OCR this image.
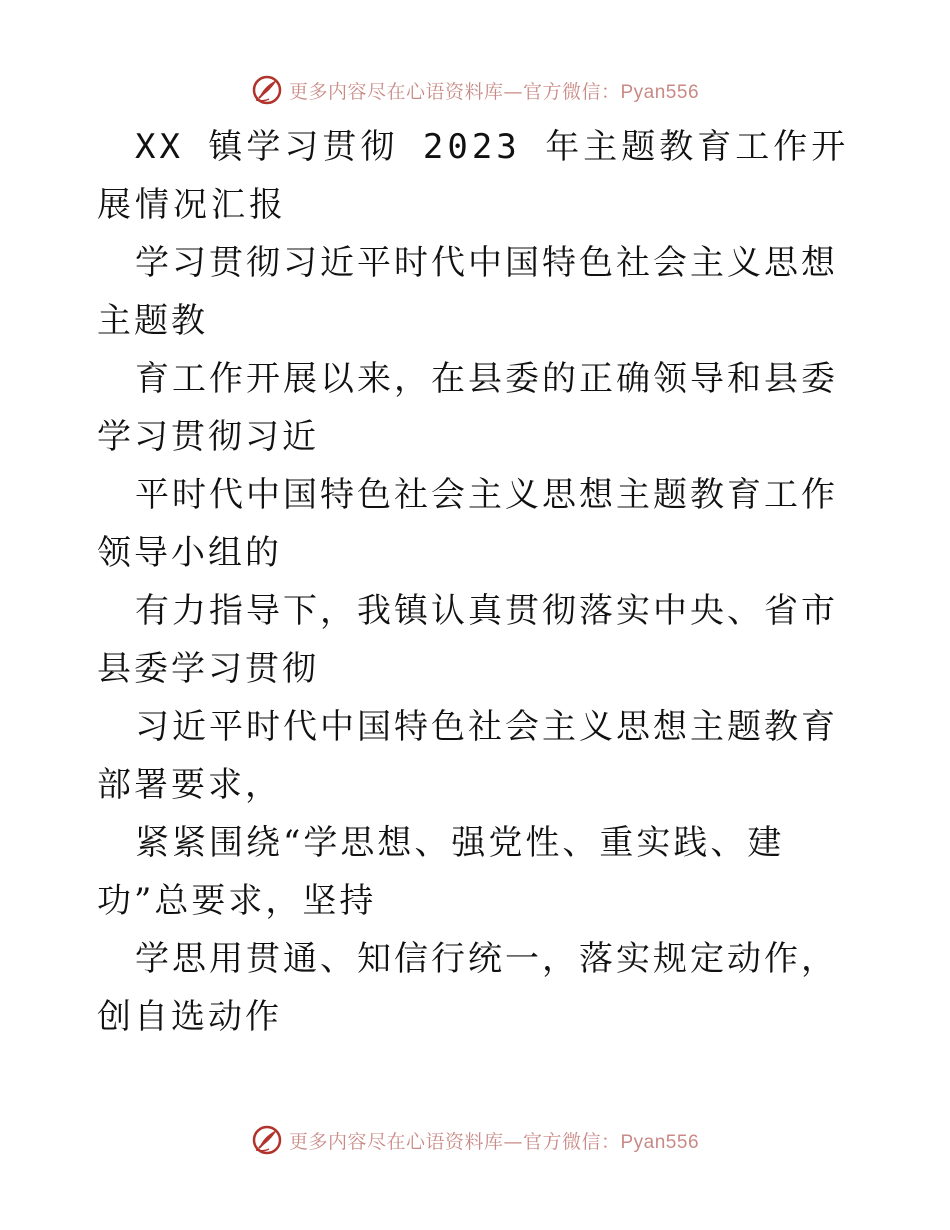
更多内容尽在心语资料库—官方微信：Pyan556

XX 镇学习贯彻 2023 年主题教育工作开展情况汇报

学习贯彻习近平时代中国特色社会主义思想主题教

育工作开展以来，在县委的正确领导和县委学习贯彻习近

平时代中国特色社会主义思想主题教育工作领导小组的

有力指导下，我镇认真贯彻落实中央、省市县委学习贯彻

习近平时代中国特色社会主义思想主题教育部署要求，

紧紧围绕“学思想、强党性、重实践、建功”总要求，坚持

学思用贯通、知信行统一，落实规定动作，创自选动作

更多内容尽在心语资料库—官方微信：Pyan556
